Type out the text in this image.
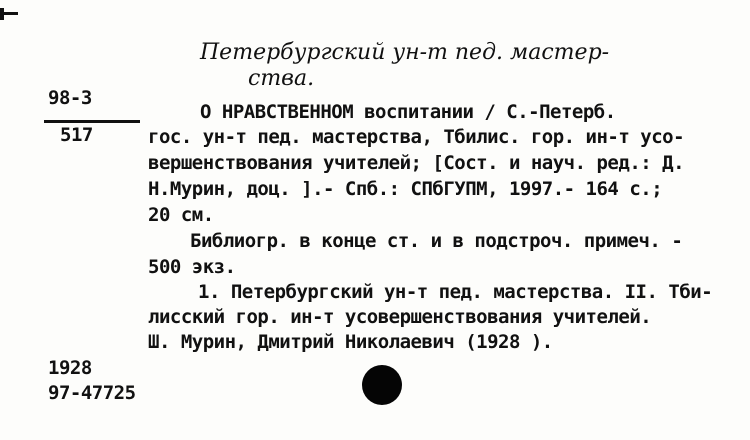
Петербургский ун-т пед. мастер-
ства.
98-3
517
О НРАВСТВЕННОМ воспитании / С.-Петерб.
гос. ун-т пед. мастерства, Тбилис. гор. ин-т усо-
вершенствования учителей; [Сост. и науч. ред.: Д.
Н.Мурин, доц. ].- Спб.: СПбГУПМ, 1997.- 164 с.;
20 см.
Библиогр. в конце ст. и в подстроч. примеч. -
500 экз.
1. Петербургский ун-т пед. мастерства. II. Тби-
лисский гор. ин-т усовершенствования учителей.
Ш. Мурин, Дмитрий Николаевич (1928 ).
1928
97-47725
